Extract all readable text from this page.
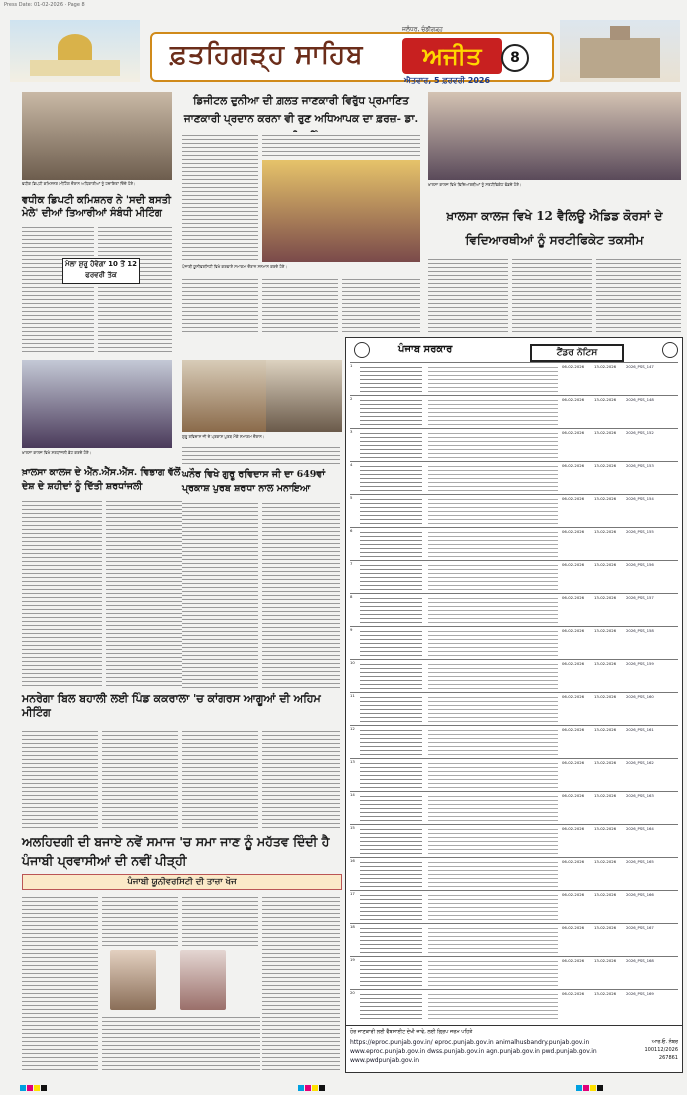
Press Date: 01-02-2026 · Page 8
ਫ਼ਤਹਿਗੜ੍ਹ ਸਾਹਿਬ
ਜਲੰਧਰ, ਚੰਡੀਗੜ੍ਹ
ਅਜੀਤ
ਐਤਵਾਰ, 5 ਫ਼ਰਵਰੀ 2026
8
ਵਧੀਕ ਡਿਪਟੀ ਕਮਿਸ਼ਨਰ ਮੀਟਿੰਗ ਦੌਰਾਨ ਅਧਿਕਾਰੀਆਂ ਨੂੰ ਹਦਾਇਤਾਂ ਦਿੰਦੇ ਹੋਏ।
ਵਧੀਕ ਡਿਪਟੀ ਕਮਿਸ਼ਨਰ ਨੇ 'ਸਦੀ ਬਸਤੀ ਮੇਲੇ' ਦੀਆਂ ਤਿਆਰੀਆਂ ਸੰਬੰਧੀ ਮੀਟਿੰਗ
ਮੇਲਾ ਸ਼ੁਰੂ ਹੋਵੇਗਾ 10 ਤੋਂ 12 ਫਰਵਰੀ ਤੱਕ
ਡਿਜੀਟਲ ਦੁਨੀਆ ਦੀ ਗ਼ਲਤ ਜਾਣਕਾਰੀ ਵਿਰੁੱਧ ਪ੍ਰਮਾਣਿਤ ਜਾਣਕਾਰੀ ਪ੍ਰਦਾਨ ਕਰਨਾ ਵੀ ਰੁਣ ਅਧਿਆਪਕ ਦਾ ਫ਼ਰਜ਼- ਡਾ.
ਪੰਜਾਬੀ ਯੂਨੀਵਰਸਿਟੀ ਵਿਖੇ ਕਰਵਾਏ ਸਮਾਗਮ ਦੌਰਾਨ ਸਨਮਾਨ ਕਰਦੇ ਹੋਏ।
ਖ਼ਾਲਸਾ ਕਾਲਜ ਵਿਖੇ ਵਿਦਿਆਰਥੀਆਂ ਨੂੰ ਸਰਟੀਫਿਕੇਟ ਵੰਡਦੇ ਹੋਏ।
ਖ਼ਾਲਸਾ ਕਾਲਜ ਵਿਖੇ 12 ਵੈਲਿਊ ਐਡਿਡ ਕੋਰਸਾਂ ਦੇ ਵਿਦਿਆਰਥੀਆਂ ਨੂੰ ਸਰਟੀਫਿਕੇਟ ਤਕਸੀਮ
ਖ਼ਾਲਸਾ ਕਾਲਜ ਵਿਖੇ ਸ਼ਰਧਾਂਜਲੀ ਭੇਟ ਕਰਦੇ ਹੋਏ।
ਖ਼ਾਲਸਾ ਕਾਲਜ ਦੇ ਐੱਨ.ਐੱਸ.ਐੱਸ. ਵਿਭਾਗ ਵੱਲੋਂ ਦੇਸ਼ ਦੇ ਸ਼ਹੀਦਾਂ ਨੂੰ ਦਿੱਤੀ ਸ਼ਰਧਾਂਜਲੀ
ਗੁਰੂ ਰਵਿਦਾਸ ਜੀ ਦੇ ਪ੍ਰਕਾਸ਼ ਪੁਰਬ ਮੌਕੇ ਸਮਾਗਮ ਦੌਰਾਨ।
ਘਨੌਰ ਵਿਖੇ ਗੁਰੂ ਰਵਿਦਾਸ ਜੀ ਦਾ 649ਵਾਂ ਪ੍ਰਕਾਸ਼ ਪੁਰਬ ਸ਼ਰਧਾ ਨਾਲ ਮਨਾਇਆ
ਮਨਰੇਗਾ ਬਿਲ ਬਹਾਲੀ ਲਈ ਪਿੰਡ ਕਕਰਾਲਾ 'ਚ ਕਾਂਗਰਸ ਆਗੂਆਂ ਦੀ ਅਹਿਮ ਮੀਟਿੰਗ
ਅਲਹਿਦਗੀ ਦੀ ਬਜਾਏ ਨਵੇਂ ਸਮਾਜ 'ਚ ਸਮਾ ਜਾਣ ਨੂੰ ਮਹੱਤਵ ਦਿੰਦੀ ਹੈ ਪੰਜਾਬੀ ਪ੍ਰਵਾਸੀਆਂ ਦੀ ਨਵੀਂ ਪੀੜ੍ਹੀ
ਪੰਜਾਬੀ ਯੂਨੀਵਰਸਿਟੀ ਦੀ ਤਾਜ਼ਾ ਖੋਜ
ਪੰਜਾਬ ਸਰਕਾਰ	ਟੈਂਡਰ ਨੋਟਿਸ
1	06-02-2026	13-02-2026	2026_PSS_147
2	06-02-2026	13-02-2026	2026_PSS_148
3	06-02-2026	13-02-2026	2026_PSS_152
4	06-02-2026	13-02-2026	2026_PSS_153
5	06-02-2026	13-02-2026	2026_PSS_154
6	06-02-2026	13-02-2026	2026_PSS_155
7	06-02-2026	13-02-2026	2026_PSS_156
8	06-02-2026	13-02-2026	2026_PSS_157
9	06-02-2026	13-02-2026	2026_PSS_158
10	06-02-2026	13-02-2026	2026_PSS_159
11	06-02-2026	13-02-2026	2026_PSS_160
12	06-02-2026	13-02-2026	2026_PSS_161
13	06-02-2026	13-02-2026	2026_PSS_162
14	06-02-2026	13-02-2026	2026_PSS_163
15	06-02-2026	13-02-2026	2026_PSS_164
16	06-02-2026	13-02-2026	2026_PSS_165
17	06-02-2026	13-02-2026	2026_PSS_166
18	06-02-2026	13-02-2026	2026_PSS_167
19	06-02-2026	13-02-2026	2026_PSS_168
20	06-02-2026	13-02-2026	2026_PSS_169
ਹੋਰ ਜਾਣਕਾਰੀ ਲਈ ਵੈੱਬਸਾਈਟ ਦੇਖੀ ਜਾਵੇ, ਲਈ ਗ੍ਰਿਪ ਜਰਮ ਪਹਿਤੇ
https://eproc.punjab.gov.in/ eproc.punjab.gov.in animalhusbandry.punjab.gov.in www.eproc.punjab.gov.in dwss.punjab.gov.in agn.punjab.gov.in pwd.punjab.gov.in www.pwdpunjab.gov.in
ਆਰ.ਓ. ਨੰਬਰ 100112/2026 267861
